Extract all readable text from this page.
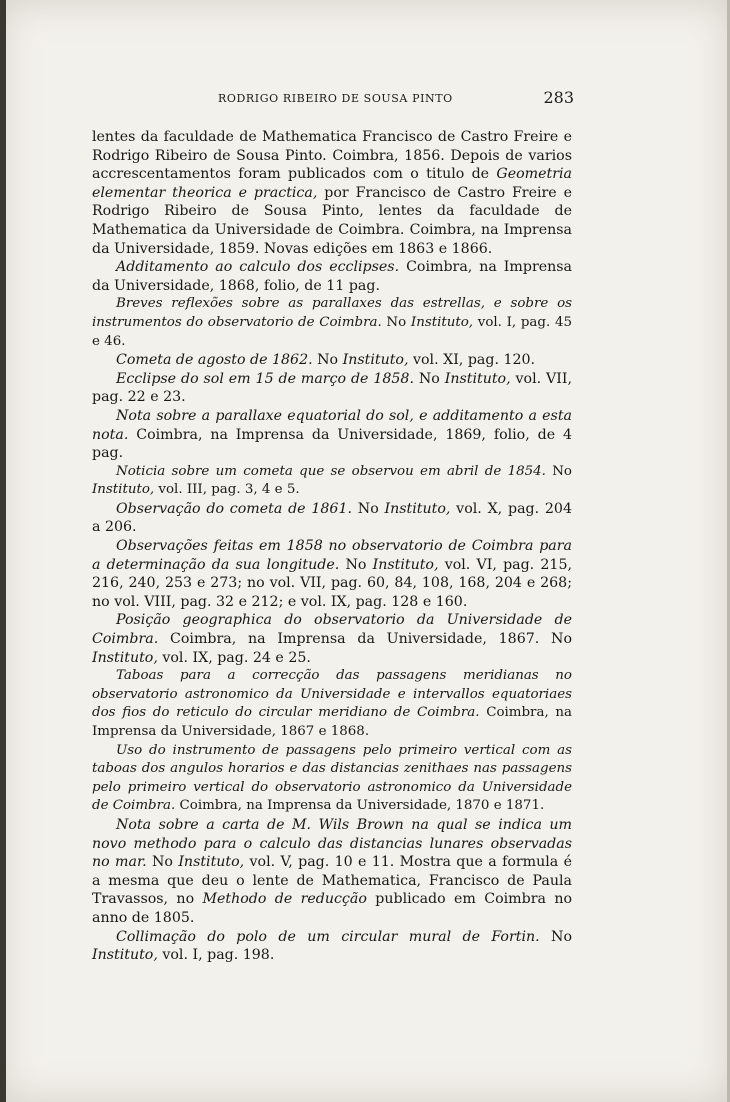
RODRIGO RIBEIRO DE SOUSA PINTO	283

lentes da faculdade de Mathematica Francisco de Castro Freire e Rodrigo Ribeiro de Sousa Pinto. Coimbra, 1856. Depois de varios accrescentamentos foram publicados com o titulo de Geometria elementar theorica e practica, por Francisco de Castro Freire e Rodrigo Ribeiro de Sousa Pinto, lentes da faculdade de Mathematica da Universidade de Coimbra. Coimbra, na Imprensa da Universidade, 1859. Novas edições em 1863 e 1866.

Additamento ao calculo dos ecclipses. Coimbra, na Imprensa da Universidade, 1868, folio, de 11 pag.

Breves reflexões sobre as parallaxes das estrellas, e sobre os instrumentos do observatorio de Coimbra. No Instituto, vol. I, pag. 45 e 46.

Cometa de agosto de 1862. No Instituto, vol. XI, pag. 120.

Ecclipse do sol em 15 de março de 1858. No Instituto, vol. VII, pag. 22 e 23.

Nota sobre a parallaxe equatorial do sol, e additamento a esta nota. Coimbra, na Imprensa da Universidade, 1869, folio, de 4 pag.

Noticia sobre um cometa que se observou em abril de 1854. No Instituto, vol. III, pag. 3, 4 e 5.

Observação do cometa de 1861. No Instituto, vol. X, pag. 204 a 206.

Observações feitas em 1858 no observatorio de Coimbra para a determinação da sua longitude. No Instituto, vol. VI, pag. 215, 216, 240, 253 e 273; no vol. VII, pag. 60, 84, 108, 168, 204 e 268; no vol. VIII, pag. 32 e 212; e vol. IX, pag. 128 e 160.

Posição geographica do observatorio da Universidade de Coimbra. Coimbra, na Imprensa da Universidade, 1867. No Instituto, vol. IX, pag. 24 e 25.

Taboas para a correcção das passagens meridianas no observatorio astronomico da Universidade e intervallos equatoriaes dos fios do reticulo do circular meridiano de Coimbra. Coimbra, na Imprensa da Universidade, 1867 e 1868.

Uso do instrumento de passagens pelo primeiro vertical com as taboas dos angulos horarios e das distancias zenithaes nas passagens pelo primeiro vertical do observatorio astronomico da Universidade de Coimbra. Coimbra, na Imprensa da Universidade, 1870 e 1871.

Nota sobre a carta de M. Wils Brown na qual se indica um novo methodo para o calculo das distancias lunares observadas no mar. No Instituto, vol. V, pag. 10 e 11. Mostra que a formula é a mesma que deu o lente de Mathematica, Francisco de Paula Travassos, no Methodo de reducção publicado em Coimbra no anno de 1805.

Collimação do polo de um circular mural de Fortin. No Instituto, vol. I, pag. 198.
